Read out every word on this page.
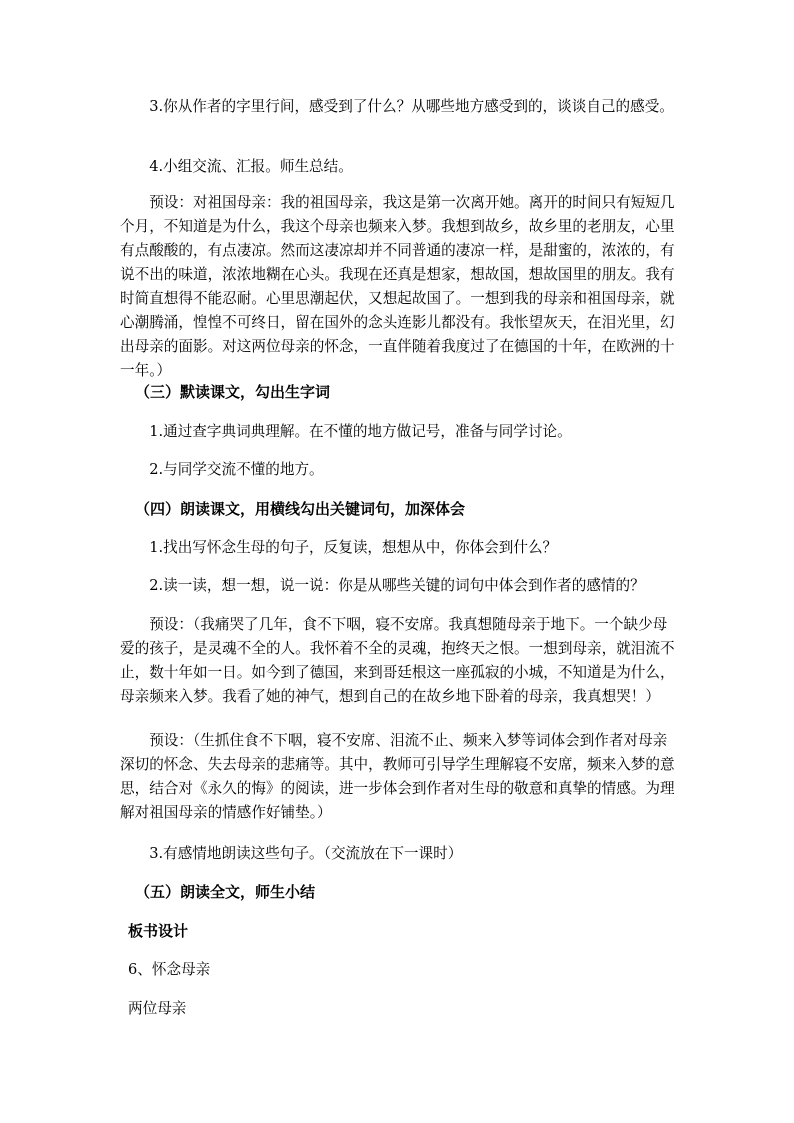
3.你从作者的字里行间，感受到了什么？从哪些地方感受到的，谈谈自己的感受。

4.小组交流、汇报。师生总结。

预设：对祖国母亲：我的祖国母亲，我这是第一次离开她。离开的时间只有短短几个月，不知道是为什么，我这个母亲也频来入梦。我想到故乡，故乡里的老朋友，心里有点酸酸的，有点凄凉。然而这凄凉却并不同普通的凄凉一样，是甜蜜的，浓浓的，有说不出的味道，浓浓地糊在心头。我现在还真是想家，想故国，想故国里的朋友。我有时简直想得不能忍耐。心里思潮起伏，又想起故国了。一想到我的母亲和祖国母亲，就心潮腾涌，惶惶不可终日，留在国外的念头连影儿都没有。我怅望灰天，在泪光里，幻出母亲的面影。对这两位母亲的怀念，一直伴随着我度过了在德国的十年，在欧洲的十一年。）

（三）默读课文，勾出生字词

1.通过查字典词典理解。在不懂的地方做记号，准备与同学讨论。

2.与同学交流不懂的地方。

（四）朗读课文，用横线勾出关键词句，加深体会

1.找出写怀念生母的句子，反复读，想想从中，你体会到什么？

2.读一读，想一想，说一说：你是从哪些关键的词句中体会到作者的感情的？

预设：（我痛哭了几年，食不下咽，寝不安席。我真想随母亲于地下。一个缺少母爱的孩子，是灵魂不全的人。我怀着不全的灵魂，抱终天之恨。一想到母亲，就泪流不止，数十年如一日。如今到了德国，来到哥廷根这一座孤寂的小城，不知道是为什么，母亲频来入梦。我看了她的神气，想到自己的在故乡地下卧着的母亲，我真想哭！）

预设：（生抓住食不下咽，寝不安席、泪流不止、频来入梦等词体会到作者对母亲深切的怀念、失去母亲的悲痛等。其中，教师可引导学生理解寝不安席，频来入梦的意思，结合对《永久的悔》的阅读，进一步体会到作者对生母的敬意和真挚的情感。为理解对祖国母亲的情感作好铺垫。）

3.有感情地朗读这些句子。（交流放在下一课时）

（五）朗读全文，师生小结

板书设计

6、怀念母亲

两位母亲
